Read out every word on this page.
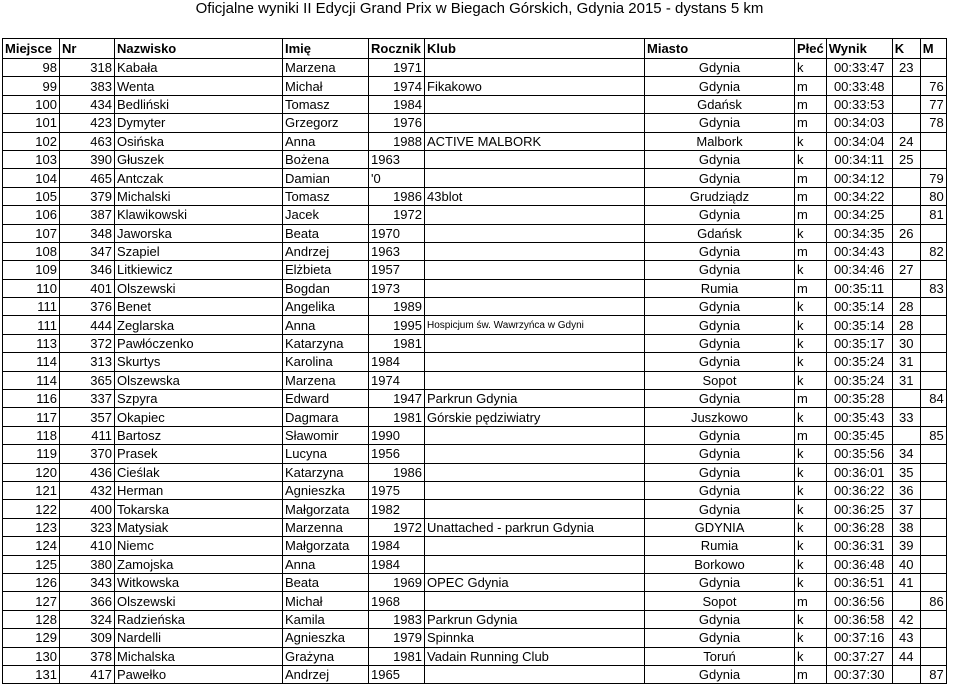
Oficjalne wyniki II Edycji Grand Prix w Biegach Górskich, Gdynia 2015 - dystans 5 km
Miejsce	Nr	Nazwisko	Imię	Rocznik	Klub	Miasto	Płeć	Wynik	K	M
98	318	Kabała	Marzena	1971		Gdynia	k	00:33:47	23	
99	383	Wenta	Michał	1974	Fikakowo	Gdynia	m	00:33:48		76
100	434	Bedliński	Tomasz	1984		Gdańsk	m	00:33:53		77
101	423	Dymyter	Grzegorz	1976		Gdynia	m	00:34:03		78
102	463	Osińska	Anna	1988	ACTIVE MALBORK	Malbork	k	00:34:04	24	
103	390	Głuszek	Bożena	1963		Gdynia	k	00:34:11	25	
104	465	Antczak	Damian	'0		Gdynia	m	00:34:12		79
105	379	Michalski	Tomasz	1986	43blot	Grudziądz	m	00:34:22		80
106	387	Klawikowski	Jacek	1972		Gdynia	m	00:34:25		81
107	348	Jaworska	Beata	1970		Gdańsk	k	00:34:35	26	
108	347	Szapiel	Andrzej	1963		Gdynia	m	00:34:43		82
109	346	Litkiewicz	Elżbieta	1957		Gdynia	k	00:34:46	27	
110	401	Olszewski	Bogdan	1973		Rumia	m	00:35:11		83
111	376	Benet	Angelika	1989		Gdynia	k	00:35:14	28	
111	444	Zeglarska	Anna	1995	Hospicjum św. Wawrzyńca w Gdyni	Gdynia	k	00:35:14	28	
113	372	Pawłóczenko	Katarzyna	1981		Gdynia	k	00:35:17	30	
114	313	Skurtys	Karolina	1984		Gdynia	k	00:35:24	31	
114	365	Olszewska	Marzena	1974		Sopot	k	00:35:24	31	
116	337	Szpyra	Edward	1947	Parkrun Gdynia	Gdynia	m	00:35:28		84
117	357	Okapiec	Dagmara	1981	Górskie pędziwiatry	Juszkowo	k	00:35:43	33	
118	411	Bartosz	Sławomir	1990		Gdynia	m	00:35:45		85
119	370	Prasek	Lucyna	1956		Gdynia	k	00:35:56	34	
120	436	Cieślak	Katarzyna	1986		Gdynia	k	00:36:01	35	
121	432	Herman	Agnieszka	1975		Gdynia	k	00:36:22	36	
122	400	Tokarska	Małgorzata	1982		Gdynia	k	00:36:25	37	
123	323	Matysiak	Marzenna	1972	Unattached - parkrun Gdynia	GDYNIA	k	00:36:28	38	
124	410	Niemc	Małgorzata	1984		Rumia	k	00:36:31	39	
125	380	Zamojska	Anna	1984		Borkowo	k	00:36:48	40	
126	343	Witkowska	Beata	1969	OPEC Gdynia	Gdynia	k	00:36:51	41	
127	366	Olszewski	Michał	1968		Sopot	m	00:36:56		86
128	324	Radzieńska	Kamila	1983	Parkrun Gdynia	Gdynia	k	00:36:58	42	
129	309	Nardelli	Agnieszka	1979	Spinnka	Gdynia	k	00:37:16	43	
130	378	Michalska	Grażyna	1981	Vadain Running Club	Toruń	k	00:37:27	44	
131	417	Pawełko	Andrzej	1965		Gdynia	m	00:37:30		87
